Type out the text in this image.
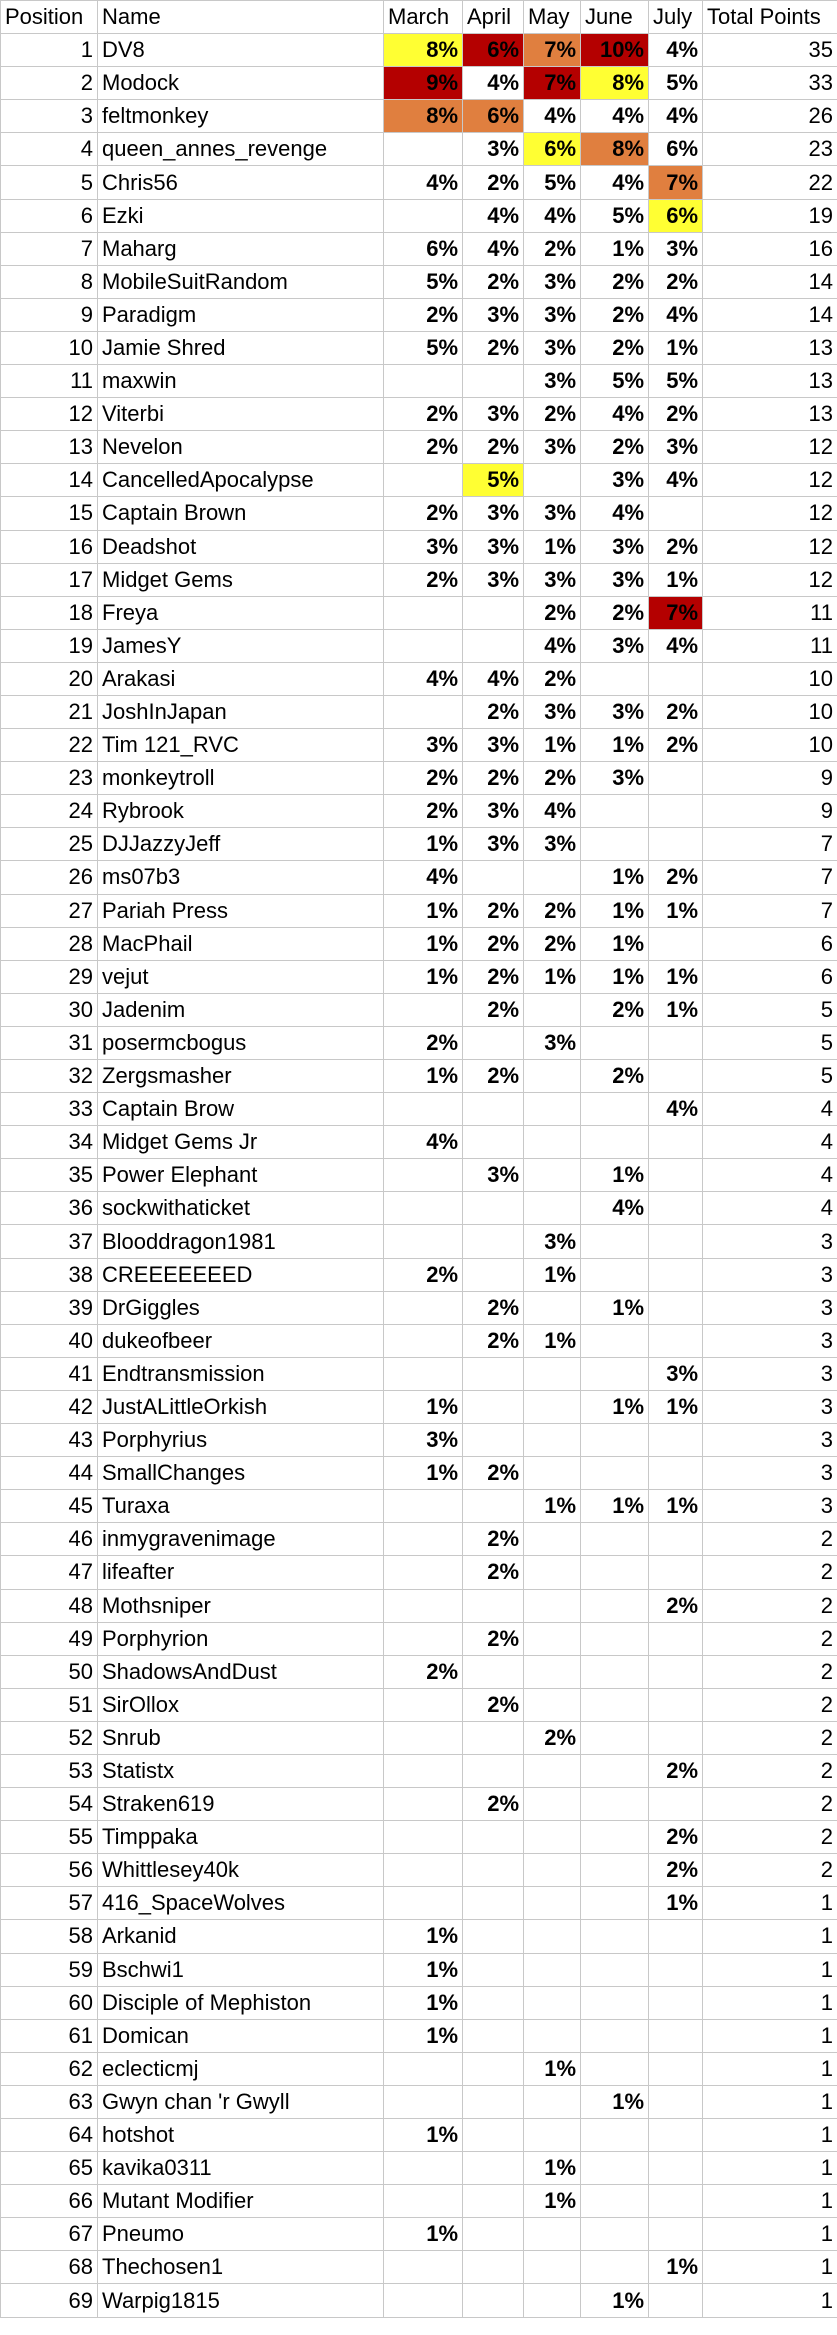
Position	Name	March	April	May	June	July	Total Points
1	DV8	8%	6%	7%	10%	4%	35
2	Modock	9%	4%	7%	8%	5%	33
3	feltmonkey	8%	6%	4%	4%	4%	26
4	queen_annes_revenge		3%	6%	8%	6%	23
5	Chris56	4%	2%	5%	4%	7%	22
6	Ezki		4%	4%	5%	6%	19
7	Maharg	6%	4%	2%	1%	3%	16
8	MobileSuitRandom	5%	2%	3%	2%	2%	14
9	Paradigm	2%	3%	3%	2%	4%	14
10	Jamie Shred	5%	2%	3%	2%	1%	13
11	maxwin			3%	5%	5%	13
12	Viterbi	2%	3%	2%	4%	2%	13
13	Nevelon	2%	2%	3%	2%	3%	12
14	CancelledApocalypse		5%		3%	4%	12
15	Captain Brown	2%	3%	3%	4%		12
16	Deadshot	3%	3%	1%	3%	2%	12
17	Midget Gems	2%	3%	3%	3%	1%	12
18	Freya			2%	2%	7%	11
19	JamesY			4%	3%	4%	11
20	Arakasi	4%	4%	2%			10
21	JoshInJapan		2%	3%	3%	2%	10
22	Tim 121_RVC	3%	3%	1%	1%	2%	10
23	monkeytroll	2%	2%	2%	3%		9
24	Rybrook	2%	3%	4%			9
25	DJJazzyJeff	1%	3%	3%			7
26	ms07b3	4%			1%	2%	7
27	Pariah Press	1%	2%	2%	1%	1%	7
28	MacPhail	1%	2%	2%	1%		6
29	vejut	1%	2%	1%	1%	1%	6
30	Jadenim		2%		2%	1%	5
31	posermcbogus	2%		3%			5
32	Zergsmasher	1%	2%		2%		5
33	Captain Brow					4%	4
34	Midget Gems Jr	4%					4
35	Power Elephant		3%		1%		4
36	sockwithaticket				4%		4
37	Blooddragon1981			3%			3
38	CREEEEEEED	2%		1%			3
39	DrGiggles		2%		1%		3
40	dukeofbeer		2%	1%			3
41	Endtransmission					3%	3
42	JustALittleOrkish	1%			1%	1%	3
43	Porphyrius	3%					3
44	SmallChanges	1%	2%				3
45	Turaxa			1%	1%	1%	3
46	inmygravenimage		2%				2
47	lifeafter		2%				2
48	Mothsniper					2%	2
49	Porphyrion		2%				2
50	ShadowsAndDust	2%					2
51	SirOllox		2%				2
52	Snrub			2%			2
53	Statistx					2%	2
54	Straken619		2%				2
55	Timppaka					2%	2
56	Whittlesey40k					2%	2
57	416_SpaceWolves					1%	1
58	Arkanid	1%					1
59	Bschwi1	1%					1
60	Disciple of Mephiston	1%					1
61	Domican	1%					1
62	eclecticmj			1%			1
63	Gwyn chan 'r Gwyll				1%		1
64	hotshot	1%					1
65	kavika0311			1%			1
66	Mutant Modifier			1%			1
67	Pneumo	1%					1
68	Thechosen1					1%	1
69	Warpig1815				1%		1
